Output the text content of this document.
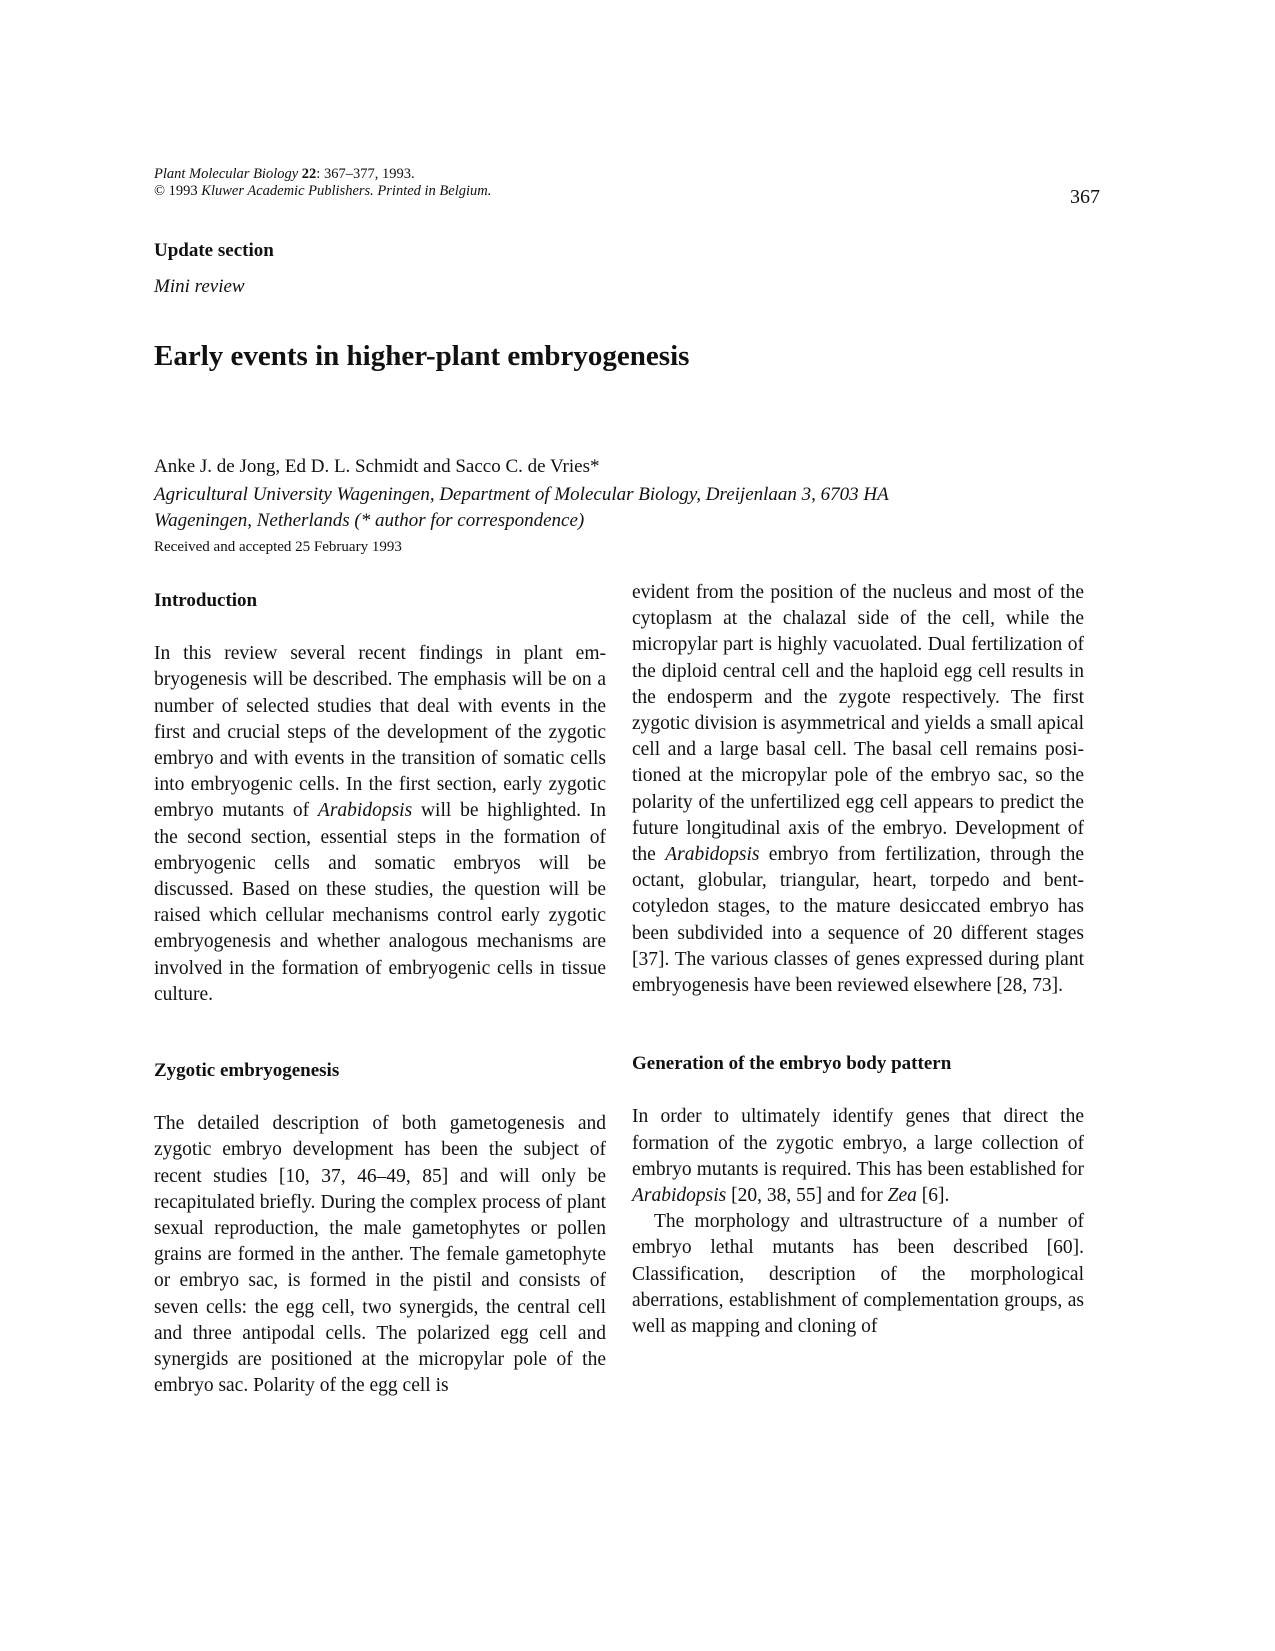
Plant Molecular Biology 22: 367–377, 1993.
© 1993 Kluwer Academic Publishers. Printed in Belgium.	367
Update section
Mini review
Early events in higher-plant embryogenesis
Anke J. de Jong, Ed D. L. Schmidt and Sacco C. de Vries*
Agricultural University Wageningen, Department of Molecular Biology, Dreijenlaan 3, 6703 HA
Wageningen, Netherlands (* author for correspondence)
Received and accepted 25 February 1993

Introduction

In this review several recent findings in plant embryogenesis will be described. The emphasis will be on a number of selected studies that deal with events in the first and crucial steps of the development of the zygotic embryo and with events in the transition of somatic cells into embryogenic cells. In the first section, early zygotic embryo mutants of Arabidopsis will be highlighted. In the second section, essential steps in the formation of embryogenic cells and somatic embryos will be discussed. Based on these studies, the question will be raised which cellular mechanisms control early zygotic embryogenesis and whether analogous mechanisms are involved in the formation of embryogenic cells in tissue culture.

Zygotic embryogenesis

The detailed description of both gametogenesis and zygotic embryo development has been the subject of recent studies [10, 37, 46–49, 85] and will only be recapitulated briefly. During the complex process of plant sexual reproduction, the male gametophytes or pollen grains are formed in the anther. The female gametophyte or embryo sac, is formed in the pistil and consists of seven cells: the egg cell, two synergids, the central cell and three antipodal cells. The polarized egg cell and synergids are positioned at the micropylar pole of the embryo sac. Polarity of the egg cell is

evident from the position of the nucleus and most of the cytoplasm at the chalazal side of the cell, while the micropylar part is highly vacuolated. Dual fertilization of the diploid central cell and the haploid egg cell results in the endosperm and the zygote respectively. The first zygotic division is asymmetrical and yields a small apical cell and a large basal cell. The basal cell remains positioned at the micropylar pole of the embryo sac, so the polarity of the unfertilized egg cell appears to predict the future longitudinal axis of the embryo. Development of the Arabidopsis embryo from fertilization, through the octant, globular, triangular, heart, torpedo and bent-cotyledon stages, to the mature desiccated embryo has been subdivided into a sequence of 20 different stages [37]. The various classes of genes expressed during plant embryogenesis have been reviewed elsewhere [28, 73].

Generation of the embryo body pattern

In order to ultimately identify genes that direct the formation of the zygotic embryo, a large collection of embryo mutants is required. This has been established for Arabidopsis [20, 38, 55] and for Zea [6].

The morphology and ultrastructure of a number of embryo lethal mutants has been described [60]. Classification, description of the morphological aberrations, establishment of complementation groups, as well as mapping and cloning of
